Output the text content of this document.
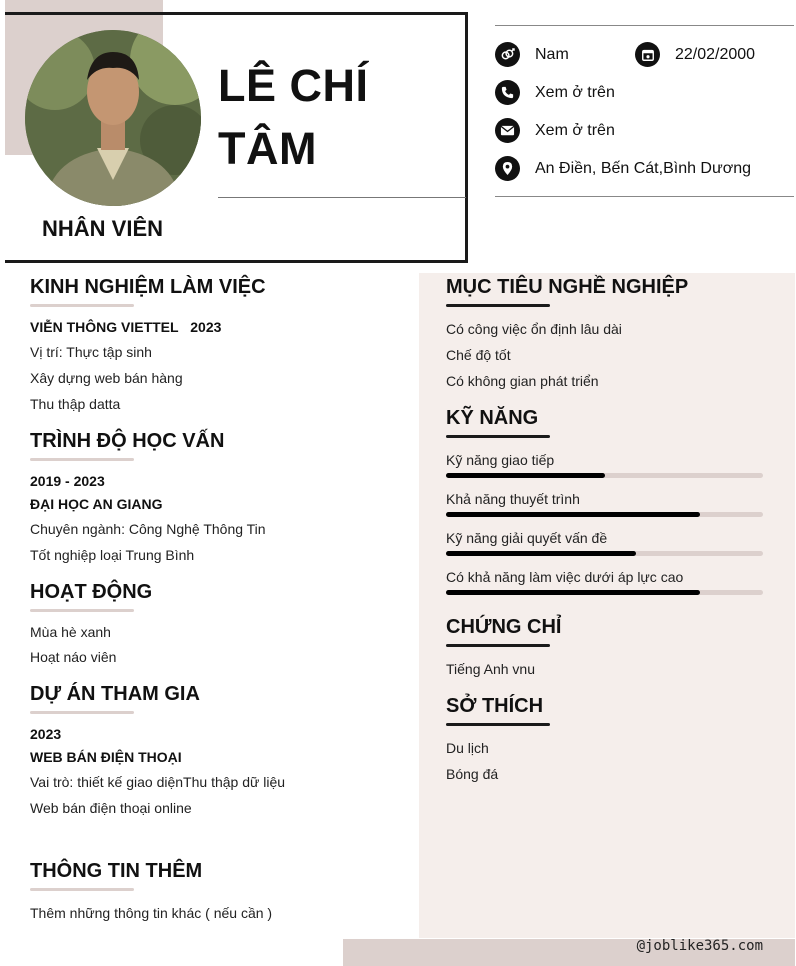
LÊ CHÍ
TÂM
NHÂN VIÊN
Nam	22/02/2000
Xem ở trên
Xem ở trên
An Điền, Bến Cát,Bình Dương
KINH NGHIỆM LÀM VIỆC
VIỄN THÔNG VIETTEL 2023
Vị trí: Thực tập sinh
Xây dựng web bán hàng
Thu thập datta
TRÌNH ĐỘ HỌC VẤN
2019 - 2023
ĐẠI HỌC AN GIANG
Chuyên ngành: Công Nghệ Thông Tin
Tốt nghiệp loại Trung Bình
HOẠT ĐỘNG
Mùa hè xanh
Hoạt náo viên
DỰ ÁN THAM GIA
2023
WEB BÁN ĐIỆN THOẠI
Vai trò: thiết kế giao diệnThu thập dữ liệu
Web bán điện thoại online
THÔNG TIN THÊM
Thêm những thông tin khác ( nếu cần )
MỤC TIÊU NGHỀ NGHIỆP
Có công việc ổn định lâu dài
Chế độ tốt
Có không gian phát triển
KỸ NĂNG
Kỹ năng giao tiếp
Khả năng thuyết trình
Kỹ năng giải quyết vấn đề
Có khả năng làm việc dưới áp lực cao
CHỨNG CHỈ
Tiếng Anh vnu
SỞ THÍCH
Du lịch
Bóng đá
@joblike365.com
